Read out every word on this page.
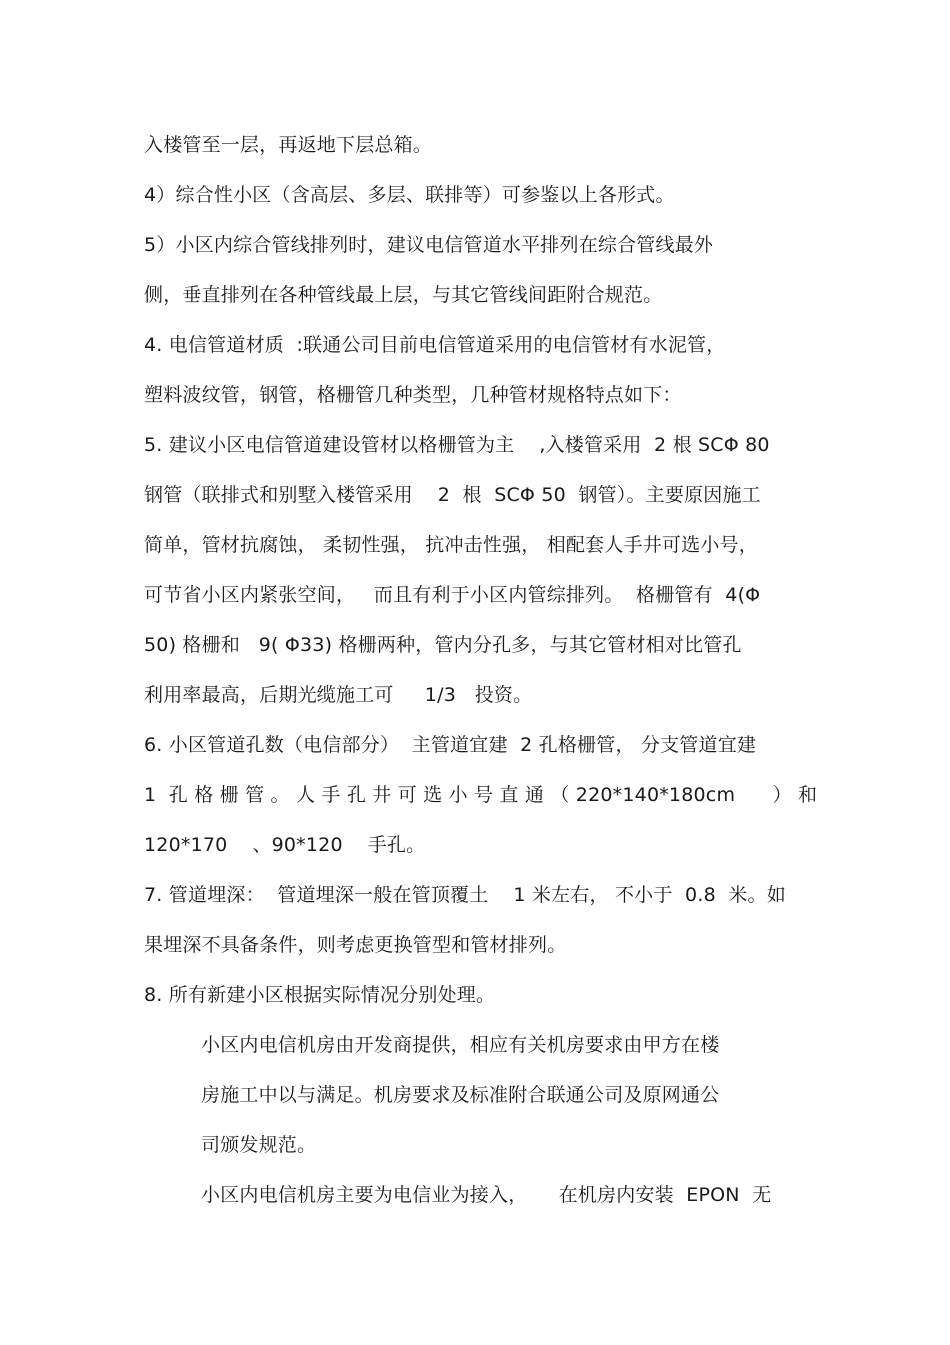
入楼管至一层，再返地下层总箱。
4）综合性小区（含高层、多层、联排等）可参鉴以上各形式。
5）小区内综合管线排列时，建议电信管道水平排列在综合管线最外
侧，垂直排列在各种管线最上层，与其它管线间距附合规范。
4. 电信管道材质  :联通公司目前电信管道采用的电信管材有水泥管，
塑料波纹管，钢管，格栅管几种类型，几种管材规格特点如下：
5. 建议小区电信管道建设管材以格栅管为主    ,入楼管采用  2 根 SCΦ 80
钢管（联排式和别墅入楼管采用    2  根  SCΦ 50  钢管）。主要原因施工
简单，管材抗腐蚀， 柔韧性强， 抗冲击性强， 相配套人手井可选小号，
可节省小区内紧张空间，   而且有利于小区内管综排列。  格栅管有  4(Φ
50) 格栅和   9( Φ33) 格栅两种，管内分孔多，与其它管材相对比管孔
利用率最高，后期光缆施工可     1/3   投资。
6. 小区管道孔数（电信部分）  主管道宜建  2 孔格栅管， 分支管道宜建
1  孔 格 栅 管 。 人 手 孔 井 可 选 小 号 直 通 （ 220*140*180cm      ） 和
120*170    、90*120    手孔。
7. 管道埋深：  管道埋深一般在管顶覆土    1 米左右， 不小于  0.8  米。如
果埋深不具备条件，则考虑更换管型和管材排列。
8. 所有新建小区根据实际情况分别处理。
小区内电信机房由开发商提供，相应有关机房要求由甲方在楼
房施工中以与满足。机房要求及标准附合联通公司及原网通公
司颁发规范。
小区内电信机房主要为电信业为接入，     在机房内安装  EPON  无
